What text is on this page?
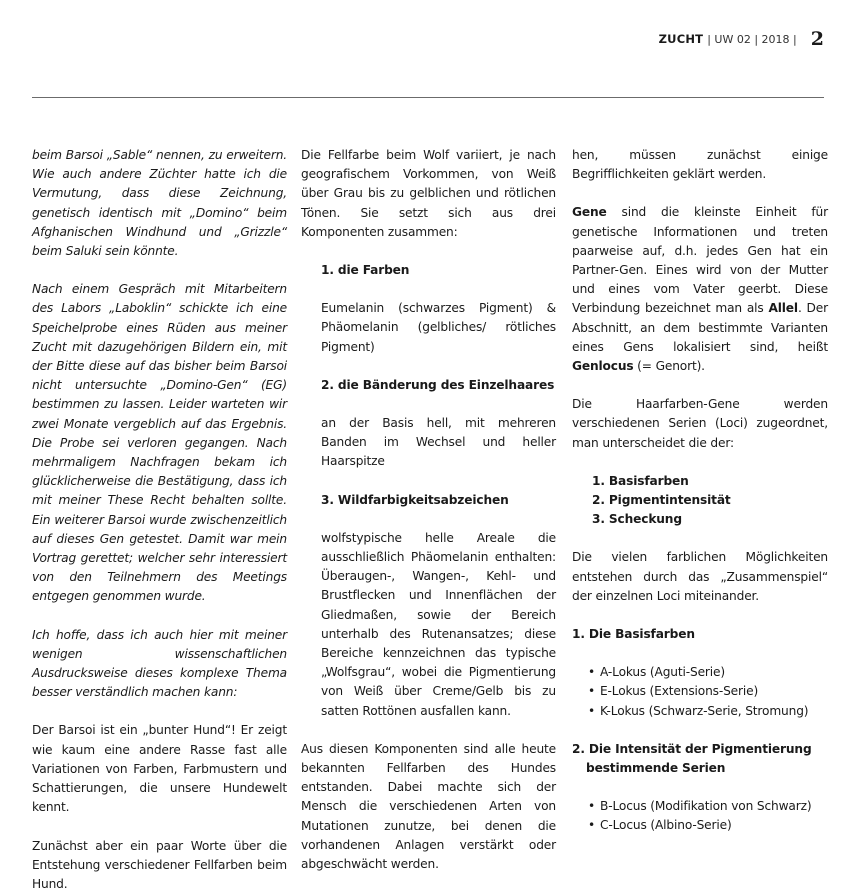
ZUCHT | UW 02 | 2018 | 2

beim Barsoi „Sable“ nennen, zu erweitern. Wie auch andere Züchter hatte ich die Vermutung, dass diese Zeichnung, genetisch identisch mit „Domino“ beim Afghanischen Windhund und „Grizzle“ beim Saluki sein könnte.

Nach einem Gespräch mit Mitarbeitern des Labors „Laboklin“ schickte ich eine Speichelprobe eines Rüden aus meiner Zucht mit dazugehörigen Bildern ein, mit der Bitte diese auf das bisher beim Barsoi nicht untersuchte „Domino-Gen“ (EG) bestimmen zu lassen. Leider warteten wir zwei Monate vergeblich auf das Ergebnis. Die Probe sei verloren gegangen. Nach mehrmaligem Nachfragen bekam ich glücklicherweise die Bestätigung, dass ich mit meiner These Recht behalten sollte. Ein weiterer Barsoi wurde zwischenzeitlich auf dieses Gen getestet. Damit war mein Vortrag gerettet; welcher sehr interessiert von den Teilnehmern des Meetings entgegen genommen wurde.

Ich hoffe, dass ich auch hier mit meiner wenigen wissenschaftlichen Ausdrucksweise dieses komplexe Thema besser verständlich machen kann:

Der Barsoi ist ein „bunter Hund“! Er zeigt wie kaum eine andere Rasse fast alle Variationen von Farben, Farbmustern und Schattierungen, die unsere Hundewelt kennt.

Zunächst aber ein paar Worte über die Entstehung verschiedener Fellfarben beim Hund.

Die Fellfarbe beim Wolf variiert, je nach geografischem Vorkommen, von Weiß über Grau bis zu gelblichen und rötlichen Tönen. Sie setzt sich aus drei Komponenten zusammen:

1. die Farben

Eumelanin (schwarzes Pigment) & Phäomelanin (gelbliches/ rötliches Pigment)

2. die Bänderung des Einzelhaares

an der Basis hell, mit mehreren Banden im Wechsel und heller Haarspitze

3. Wildfarbigkeitsabzeichen

wolfstypische helle Areale die ausschließlich Phäomelanin enthalten: Überaugen-, Wangen-, Kehl- und Brustflecken und Innenflächen der Gliedmaßen, sowie der Bereich unterhalb des Rutenansatzes; diese Bereiche kennzeichnen das typische „Wolfsgrau“, wobei die Pigmentierung von Weiß über Creme/Gelb bis zu satten Rottönen ausfallen kann.

Aus diesen Komponenten sind alle heute bekannten Fellfarben des Hundes entstanden. Dabei machte sich der Mensch die verschiedenen Arten von Mutationen zunutze, bei denen die vorhandenen Anlagen verstärkt oder abgeschwächt werden.

hen, müssen zunächst einige Begrifflichkeiten geklärt werden.

Gene sind die kleinste Einheit für genetische Informationen und treten paarweise auf, d.h. jedes Gen hat ein Partner-Gen. Eines wird von der Mutter und eines vom Vater geerbt. Diese Verbindung bezeichnet man als Allel. Der Abschnitt, an dem bestimmte Varianten eines Gens lokalisiert sind, heißt Genlocus (= Genort).

Die Haarfarben-Gene werden verschiedenen Serien (Loci) zugeordnet, man unterscheidet die der:

1. Basisfarben
2. Pigmentintensität
3. Scheckung

Die vielen farblichen Möglichkeiten entstehen durch das „Zusammenspiel“ der einzelnen Loci miteinander.

1. Die Basisfarben
• A-Lokus (Aguti-Serie)
• E-Lokus (Extensions-Serie)
• K-Lokus (Schwarz-Serie, Stromung)
2. Die Intensität der Pigmentierung
bestimmende Serien
• B-Locus (Modifikation von Schwarz)
• C-Locus (Albino-Serie)
